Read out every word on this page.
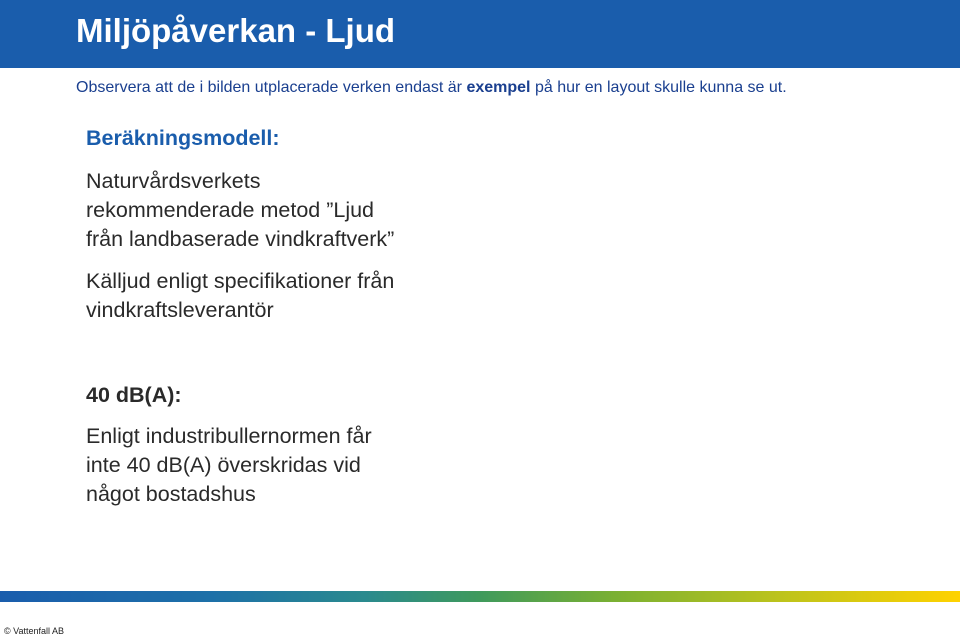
Miljöpåverkan - Ljud
Observera att de i bilden utplacerade verken endast är exempel på hur en layout skulle kunna se ut.

Beräkningsmodell:

Naturvårdsverkets
rekommenderade metod ”Ljud
från landbaserade vindkraftverk”

Källjud enligt specifikationer från
vindkraftsleverantör

40 dB(A):

Enligt industribullernormen får
inte 40 dB(A) överskridas vid
något bostadshus

© Vattenfall AB
